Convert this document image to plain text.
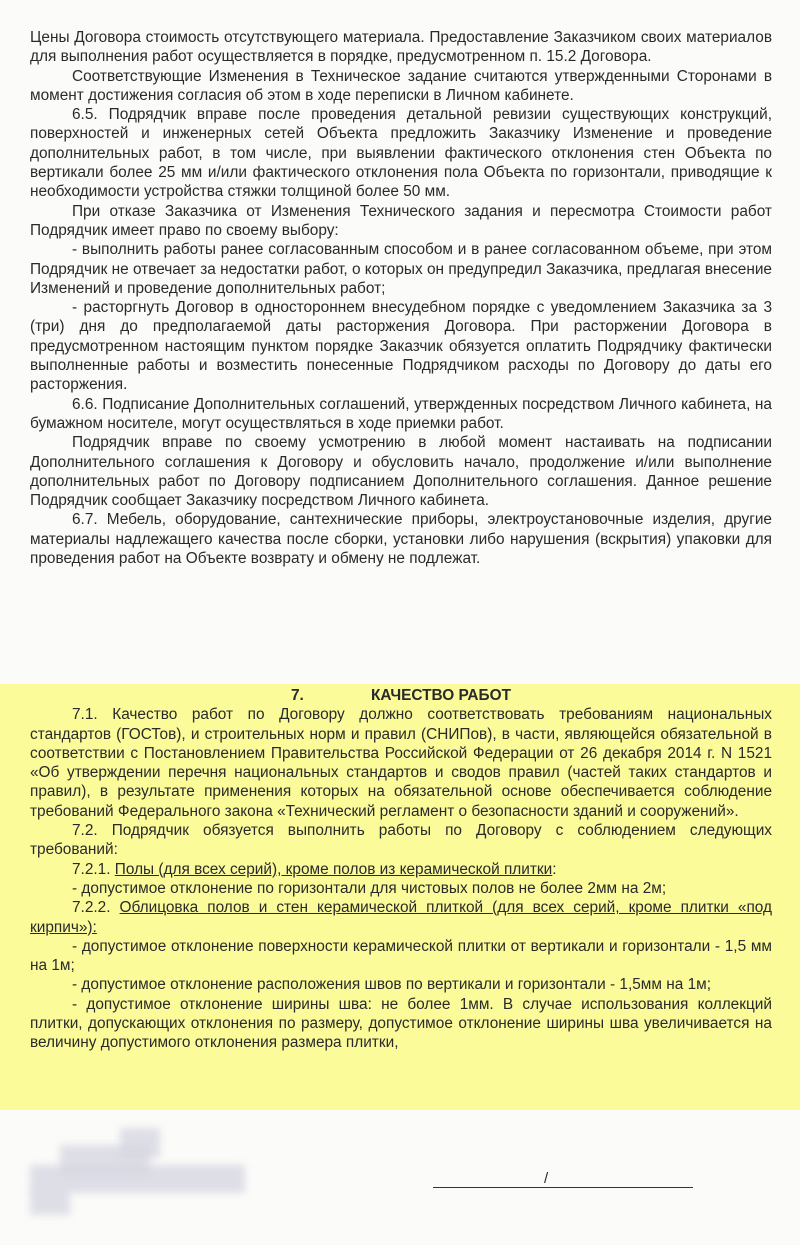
Цены Договора стоимость отсутствующего материала. Предоставление Заказчиком своих материалов для выполнения работ осуществляется в порядке, предусмотренном п. 15.2 Договора.

Соответствующие Изменения в Техническое задание считаются утвержденными Сторонами в момент достижения согласия об этом в ходе переписки в Личном кабинете.

6.5. Подрядчик вправе после проведения детальной ревизии существующих конструкций, поверхностей и инженерных сетей Объекта предложить Заказчику Изменение и проведение дополнительных работ, в том числе, при выявлении фактического отклонения стен Объекта по вертикали более 25 мм и/или фактического отклонения пола Объекта по горизонтали, приводящие к необходимости устройства стяжки толщиной более 50 мм.

При отказе Заказчика от Изменения Технического задания и пересмотра Стоимости работ Подрядчик имеет право по своему выбору:

- выполнить работы ранее согласованным способом и в ранее согласованном объеме, при этом Подрядчик не отвечает за недостатки работ, о которых он предупредил Заказчика, предлагая внесение Изменений и проведение дополнительных работ;

- расторгнуть Договор в одностороннем внесудебном порядке с уведомлением Заказчика за 3 (три) дня до предполагаемой даты расторжения Договора. При расторжении Договора в предусмотренном настоящим пунктом порядке Заказчик обязуется оплатить Подрядчику фактически выполненные работы и возместить понесенные Подрядчиком расходы по Договору до даты его расторжения.

6.6. Подписание Дополнительных соглашений, утвержденных посредством Личного кабинета, на бумажном носителе, могут осуществляться в ходе приемки работ.

Подрядчик вправе по своему усмотрению в любой момент настаивать на подписании Дополнительного соглашения к Договору и обусловить начало, продолжение и/или выполнение дополнительных работ по Договору подписанием Дополнительного соглашения. Данное решение Подрядчик сообщает Заказчику посредством Личного кабинета.

6.7. Мебель, оборудование, сантехнические приборы, электроустановочные изделия, другие материалы надлежащего качества после сборки, установки либо нарушения (вскрытия) упаковки для проведения работ на Объекте возврату и обмену не подлежат.

7.	КАЧЕСТВО РАБОТ

7.1. Качество работ по Договору должно соответствовать требованиям национальных стандартов (ГОСТов), и строительных норм и правил (СНИПов), в части, являющейся обязательной в соответствии с Постановлением Правительства Российской Федерации от 26 декабря 2014 г. N 1521 «Об утверждении перечня национальных стандартов и сводов правил (частей таких стандартов и правил), в результате применения которых на обязательной основе обеспечивается соблюдение требований Федерального закона «Технический регламент о безопасности зданий и сооружений».

7.2. Подрядчик обязуется выполнить работы по Договору с соблюдением следующих требований:

7.2.1. Полы (для всех серий), кроме полов из керамической плитки:

- допустимое отклонение по горизонтали для чистовых полов не более 2мм на 2м;

7.2.2. Облицовка полов и стен керамической плиткой (для всех серий, кроме плитки «под кирпич»):

- допустимое отклонение поверхности керамической плитки от вертикали и горизонтали - 1,5 мм на 1м;

- допустимое отклонение расположения швов по вертикали и горизонтали - 1,5мм на 1м;

- допустимое отклонение ширины шва: не более 1мм. В случае использования коллекций плитки, допускающих отклонения по размеру, допустимое отклонение ширины шва увеличивается на величину допустимого отклонения размера плитки,

/
